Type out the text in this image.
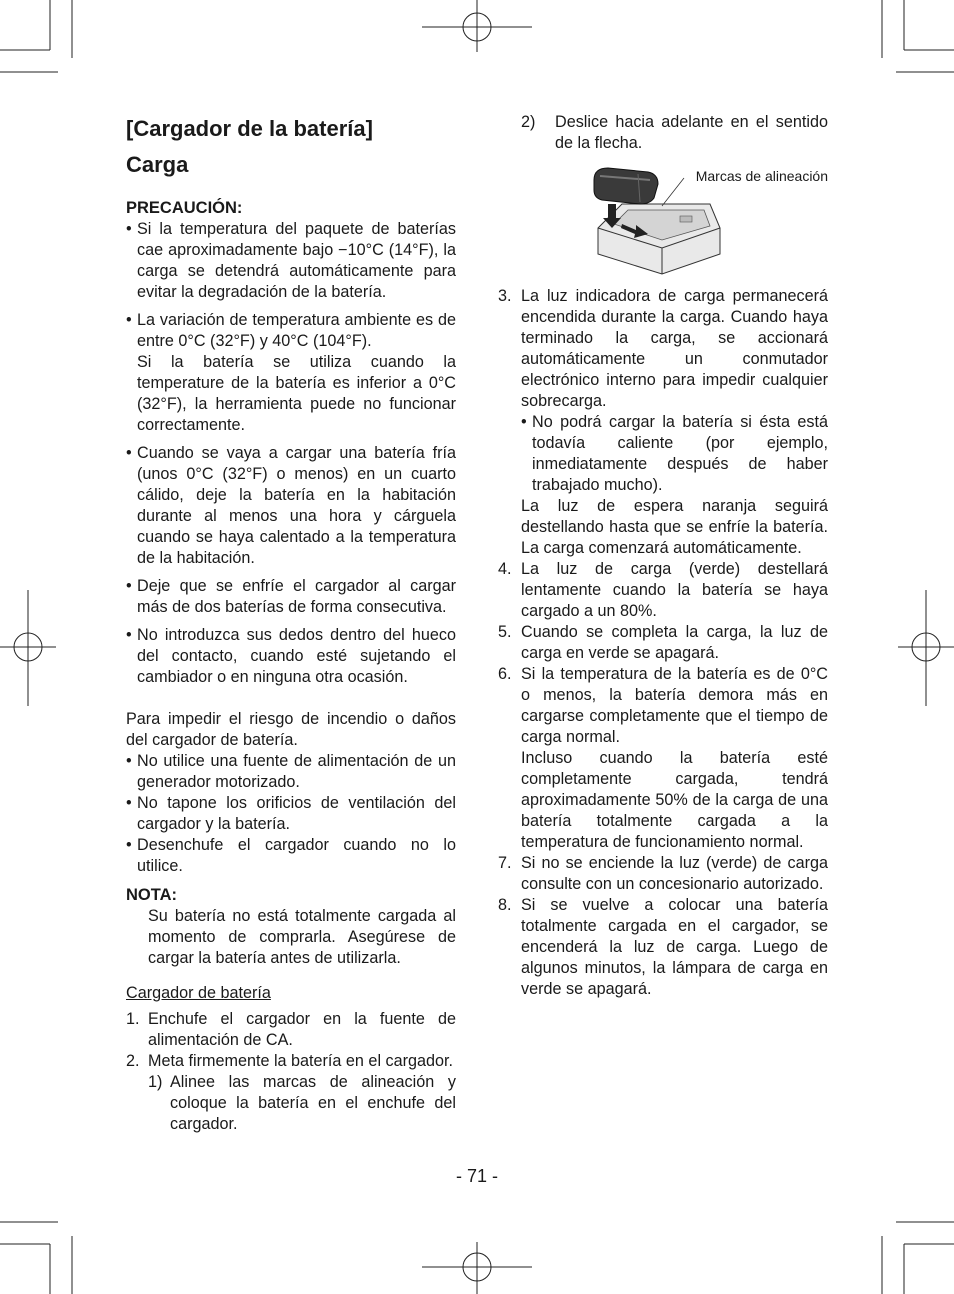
[Cargador de la batería]
Carga

PRECAUCIÓN:

• Si la temperatura del paquete de baterías cae aproximadamente bajo −10°C (14°F), la carga se detendrá automáticamente para evitar la degradación de la batería.
• La variación de temperatura ambiente es de entre 0°C (32°F) y 40°C (104°F).

Si la batería se utiliza cuando la temperature de la batería es inferior a 0°C (32°F), la herramienta puede no funcionar correctamente.

• Cuando se vaya a cargar una batería fría (unos 0°C (32°F) o menos) en un cuarto cálido, deje la batería en la habitación durante al menos una hora y cárguela cuando se haya calentado a la temperatura de la habitación.
• Deje que se enfríe el cargador al cargar más de dos baterías de forma consecutiva.
• No introduzca sus dedos dentro del hueco del contacto, cuando esté sujetando el cambiador o en ninguna otra ocasión.

Para impedir el riesgo de incendio o daños del cargador de batería.

• No utilice una fuente de alimentación de un generador motorizado.
• No tapone los orificios de ventilación del cargador y la batería.
• Desenchufe el cargador cuando no lo utilice.

NOTA:

Su batería no está totalmente cargada al momento de comprarla. Asegúrese de cargar la batería antes de utilizarla.

Cargador de batería

1. Enchufe el cargador en la fuente de alimentación de CA.
2. Meta firmemente la batería en el cargador.
1) Alinee las marcas de alineación y coloque la batería en el enchufe del cargador.
2) Deslice hacia adelante en el sentido de la flecha.
Marcas de alineación
3. La luz indicadora de carga permanecerá encendida durante la carga. Cuando haya terminado la carga, se accionará automáticamente un conmutador electrónico interno para impedir cualquier sobrecarga.
• No podrá cargar la batería si ésta está todavía caliente (por ejemplo, inmediatamente después de haber trabajado mucho).

La luz de espera naranja seguirá destellando hasta que se enfríe la batería. La carga comenzará automáticamente.

4. La luz de carga (verde) destellará lentamente cuando la batería se haya cargado a un 80%.
5. Cuando se completa la carga, la luz de carga en verde se apagará.
6. Si la temperatura de la batería es de 0°C o menos, la batería demora más en cargarse completamente que el tiempo de carga normal.

Incluso cuando la batería esté completamente cargada, tendrá aproximadamente 50% de la carga de una batería totalmente cargada a la temperatura de funcionamiento normal.

7. Si no se enciende la luz (verde) de carga consulte con un concesionario autorizado.
8. Si se vuelve a colocar una batería totalmente cargada en el cargador, se encenderá la luz de carga. Luego de algunos minutos, la lámpara de carga en verde se apagará.
- 71 -
